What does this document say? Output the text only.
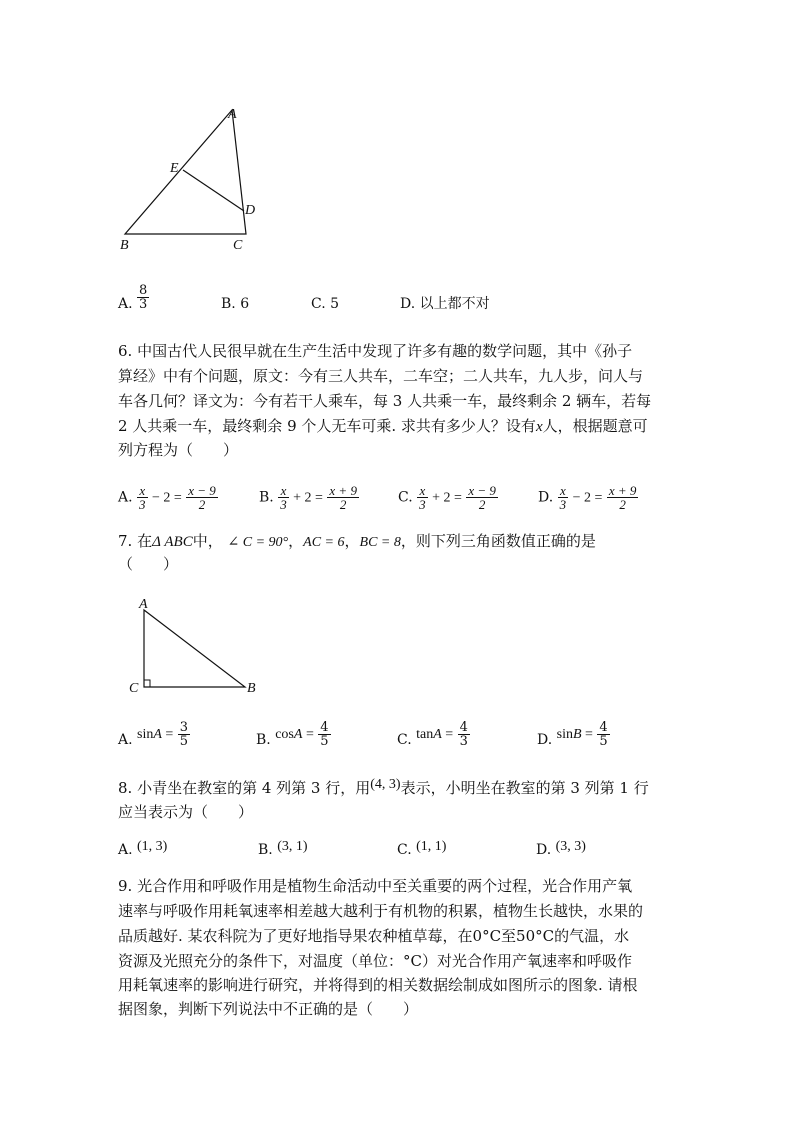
A
E
D
B	C
A. $\frac{8}{3}$	B. 6	C. 5	D. 以上都不对
6. 中国古代人民很早就在生产生活中发现了许多有趣的数学问题，其中《孙子
算经》中有个问题，原文：今有三人共车，二车空；二人共车，九人步，问人与
车各几何？译文为：今有若干人乘车，每 3 人共乘一车，最终剩余 2 辆车，若每
2 人共乘一车，最终剩余 9 个人无车可乘. 求共有多少人？设有x人，根据题意可
列方程为（　　）
A. $\frac{x}{3} - 2 = \frac{x - 9}{2}$	B. $\frac{x}{3} + 2 = \frac{x + 9}{2}$	C. $\frac{x}{3} + 2 = \frac{x - 9}{2}$	D. $\frac{x}{3} - 2 = \frac{x + 9}{2}$
7. 在Δ ABC中， ∠ C = 90°，AC = 6，BC = 8，则下列三角函数值正确的是
（　　）
A
C	B
A. $\sin A = \frac{3}{5}$	B. $\cos A = \frac{4}{5}$	C. $\tan A = \frac{4}{3}$	D. $\sin B = \frac{4}{5}$
8. 小青坐在教室的第 4 列第 3 行，用(4, 3)表示，小明坐在教室的第 3 列第 1 行
应当表示为（　　）
A. (1, 3)	B. (3, 1)	C. (1, 1)	D. (3, 3)
9. 光合作用和呼吸作用是植物生命活动中至关重要的两个过程，光合作用产氧
速率与呼吸作用耗氧速率相差越大越利于有机物的积累，植物生长越快，水果的
品质越好. 某农科院为了更好地指导果农种植草莓，在0°C至50°C的气温，水
资源及光照充分的条件下，对温度（单位：°C）对光合作用产氧速率和呼吸作
用耗氧速率的影响进行研究，并将得到的相关数据绘制成如图所示的图象. 请根
据图象，判断下列说法中不正确的是（　　）
